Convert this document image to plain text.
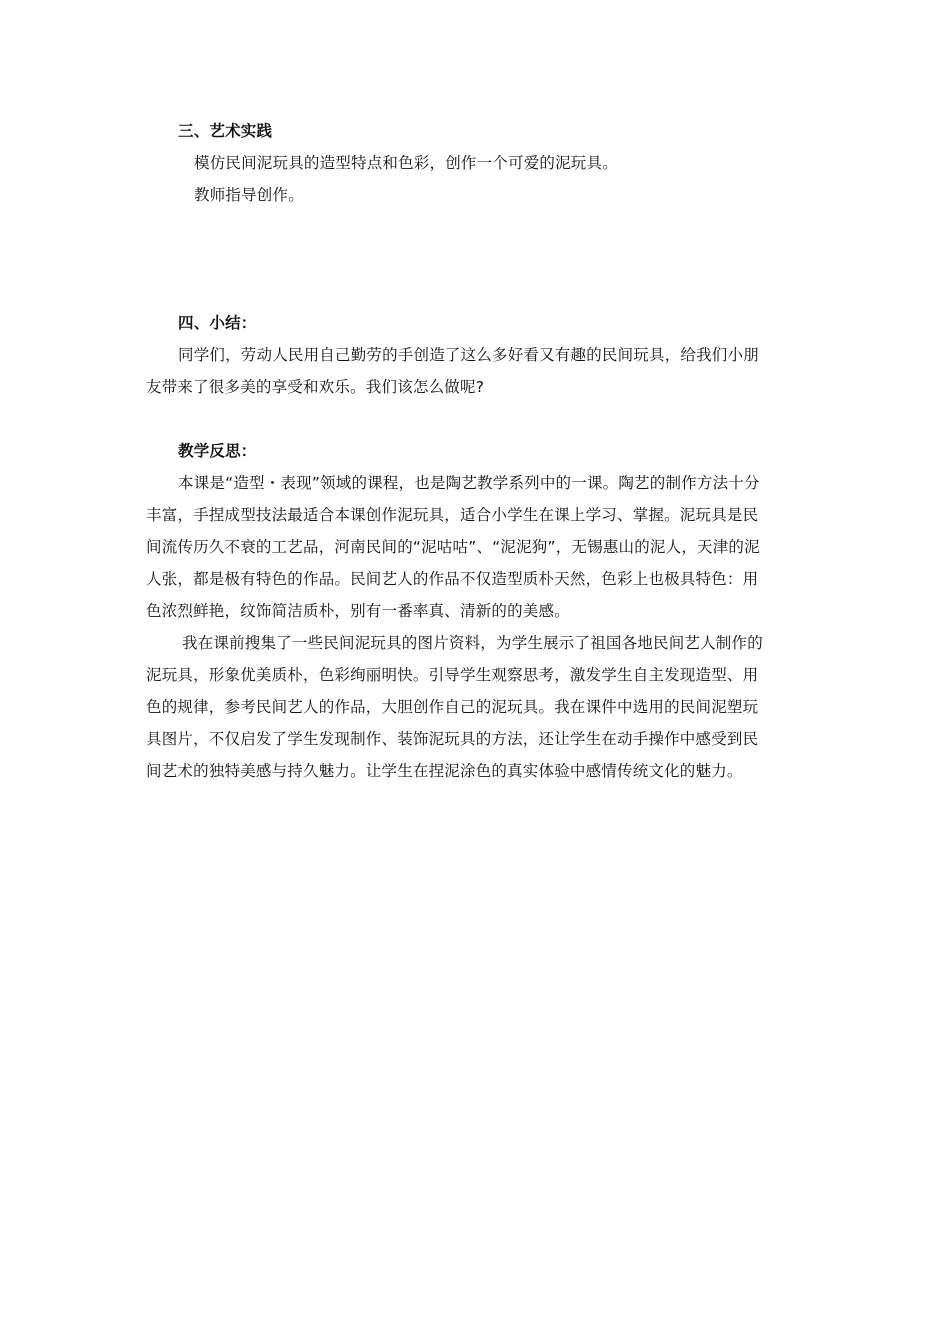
三、艺术实践
模仿民间泥玩具的造型特点和色彩，创作一个可爱的泥玩具。
教师指导创作。
四、小结：
同学们，劳动人民用自己勤劳的手创造了这么多好看又有趣的民间玩具，给我们小朋
友带来了很多美的享受和欢乐。我们该怎么做呢?
教学反思：
本课是“造型・表现”领域的课程，也是陶艺教学系列中的一课。陶艺的制作方法十分
丰富，手捏成型技法最适合本课创作泥玩具，适合小学生在课上学习、掌握。泥玩具是民
间流传历久不衰的工艺品，河南民间的“泥咕咕”、“泥泥狗”，无锡惠山的泥人，天津的泥
人张，都是极有特色的作品。民间艺人的作品不仅造型质朴天然，色彩上也极具特色：用
色浓烈鲜艳，纹饰简洁质朴，别有一番率真、清新的的美感。
我在课前搜集了一些民间泥玩具的图片资料，为学生展示了祖国各地民间艺人制作的
泥玩具，形象优美质朴，色彩绚丽明快。引导学生观察思考，激发学生自主发现造型、用
色的规律，参考民间艺人的作品，大胆创作自己的泥玩具。我在课件中选用的民间泥塑玩
具图片，不仅启发了学生发现制作、装饰泥玩具的方法，还让学生在动手操作中感受到民
间艺术的独特美感与持久魅力。让学生在捏泥涂色的真实体验中感情传统文化的魅力。
